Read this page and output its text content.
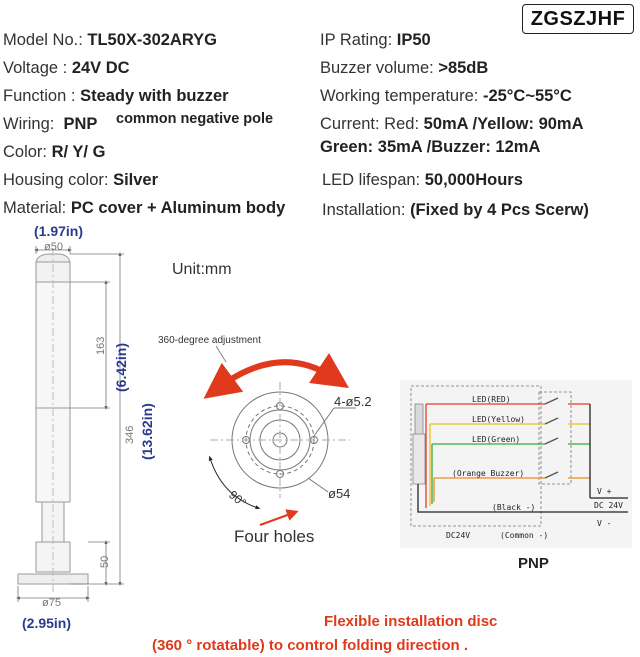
ZGSZJHF
Model No.: TL50X-302ARYG
Voltage : 24V DC
Function : Steady with buzzer
Wiring: PNP common negative pole
Color: R/ Y/ G
Housing color: Silver
Material: PC cover + Aluminum body
IP Rating: IP50
Buzzer volume: >85dB
Working temperature: -25°C~55°C
Current: Red: 50mA /Yellow: 90mA
Green: 35mA /Buzzer: 12mA
LED lifespan: 50,000Hours
Installation: (Fixed by 4 Pcs Scerw)
(1.97in)
ø50
163 (6.42in)
346 (13.62in)
50
ø75
(2.95in)
Unit:mm
360-degree adjustment
4-ø5.2
ø54
90°
Four holes
LED(RED)
LED(Yellow)
LED(Green)
(Orange Buzzer)
(Black -)
V +
DC 24V
V -
DC24V	(Common -)
PNP
Flexible installation disc
(360 ° rotatable) to control folding direction .
